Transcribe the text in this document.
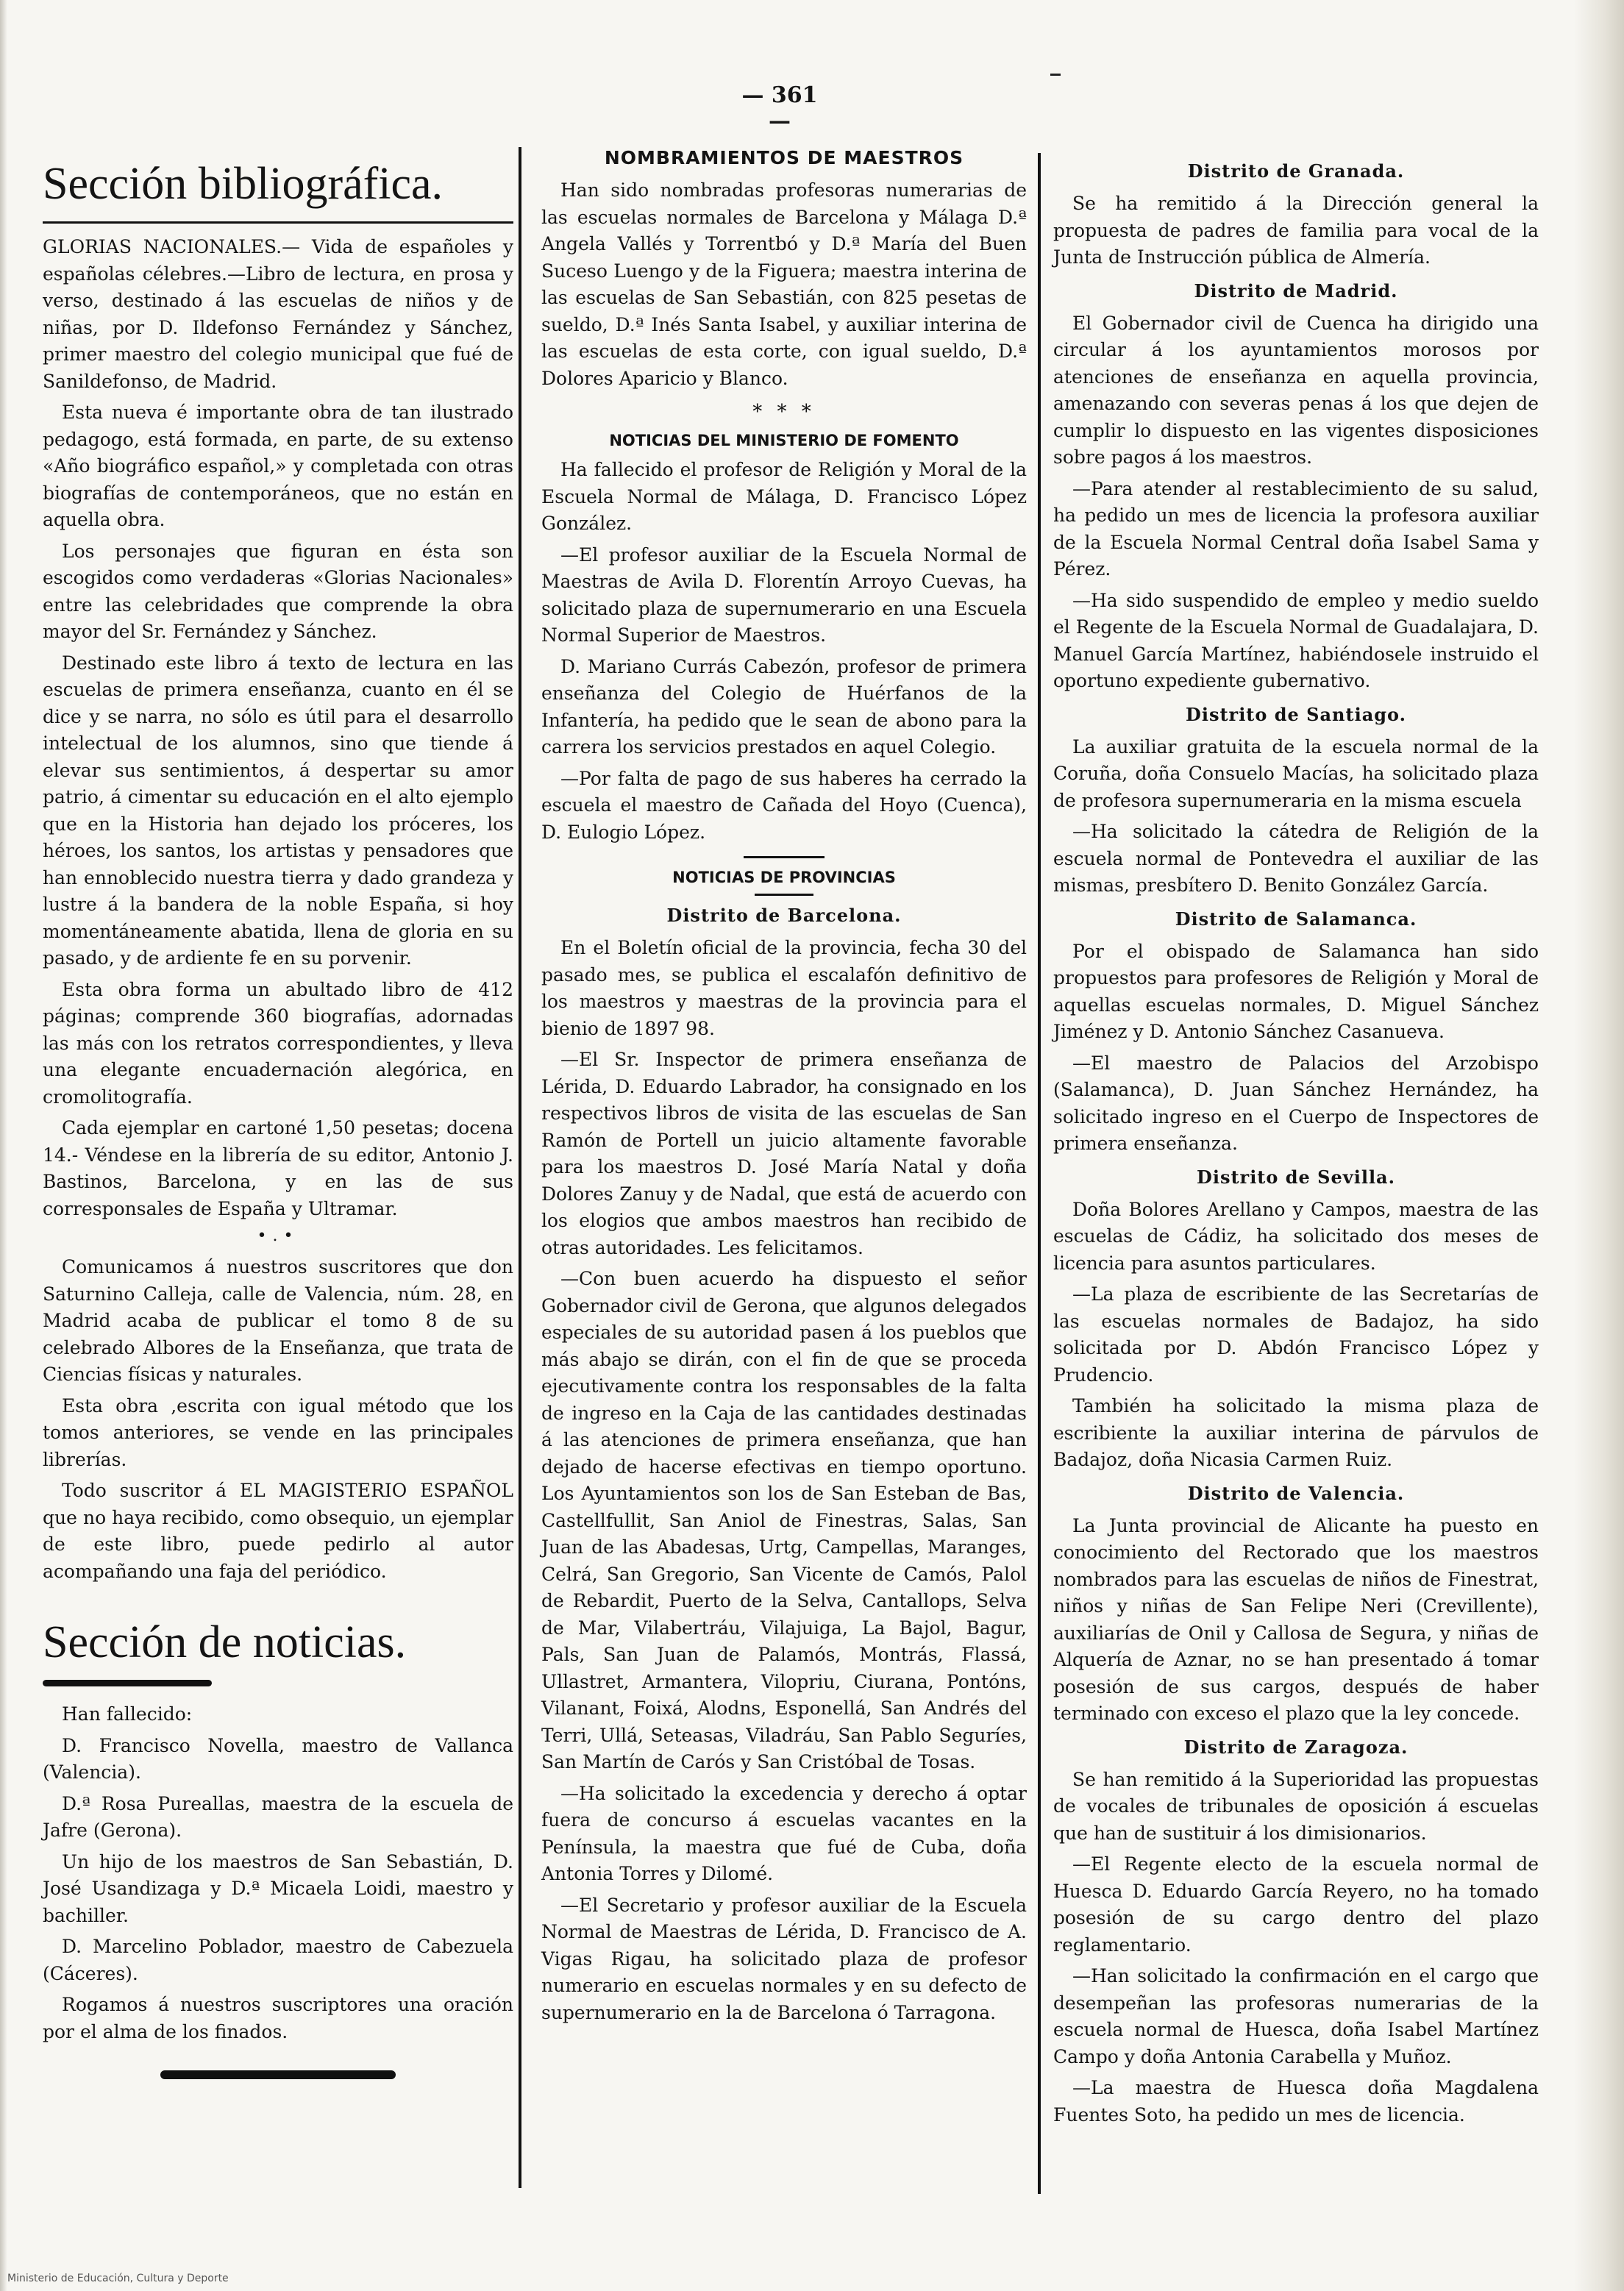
— 361 —
Sección bibliográfica.

GLORIAS NACIONALES.— Vida de españoles y españolas célebres.—Libro de lectura, en prosa y verso, destinado á las escuelas de niños y de niñas, por D. Ildefonso Fernández y Sánchez, primer maestro del colegio municipal que fué de Sanildefonso, de Madrid.

Esta nueva é importante obra de tan ilustrado pedagogo, está formada, en parte, de su extenso «Año biográfico español,» y completada con otras biografías de contemporáneos, que no están en aquella obra.

Los personajes que figuran en ésta son escogidos como verdaderas «Glorias Nacionales» entre las celebridades que comprende la obra mayor del Sr. Fernández y Sánchez.

Destinado este libro á texto de lectura en las escuelas de primera enseñanza, cuanto en él se dice y se narra, no sólo es útil para el desarrollo intelectual de los alumnos, sino que tiende á elevar sus sentimientos, á despertar su amor patrio, á cimentar su educación en el alto ejemplo que en la Historia han dejado los próceres, los héroes, los santos, los artistas y pensadores que han ennoblecido nuestra tierra y dado grandeza y lustre á la bandera de la noble España, si hoy momentáneamente abatida, llena de gloria en su pasado, y de ardiente fe en su porvenir.

Esta obra forma un abultado libro de 412 páginas; comprende 360 biografías, adornadas las más con los retratos correspondientes, y lleva una elegante encuadernación alegórica, en cromolitografía.

Cada ejemplar en cartoné 1,50 pesetas; docena 14.- Véndese en la librería de su editor, Antonio J. Bastinos, Barcelona, y en las de sus corresponsales de España y Ultramar.

•.•

Comunicamos á nuestros suscritores que don Saturnino Calleja, calle de Valencia, núm. 28, en Madrid acaba de publicar el tomo 8 de su celebrado Albores de la Enseñanza, que trata de Ciencias físicas y naturales.

Esta obra ,escrita con igual método que los tomos anteriores, se vende en las principales librerías.

Todo suscritor á EL MAGISTERIO ESPAÑOL que no haya recibido, como obsequio, un ejemplar de este libro, puede pedirlo al autor acompañando una faja del periódico.

Sección de noticias.

Han fallecido:

D. Francisco Novella, maestro de Vallanca (Valencia).

D.ª Rosa Pureallas, maestra de la escuela de Jafre (Gerona).

Un hijo de los maestros de San Sebastián, D. José Usandizaga y D.ª Micaela Loidi, maestro y bachiller.

D. Marcelino Poblador, maestro de Cabezuela (Cáceres).

Rogamos á nuestros suscriptores una oración por el alma de los finados.

NOMBRAMIENTOS DE MAESTROS

Han sido nombradas profesoras numerarias de las escuelas normales de Barcelona y Málaga D.ª Angela Vallés y Torrentbó y D.ª María del Buen Suceso Luengo y de la Figuera; maestra interina de las escuelas de San Sebastián, con 825 pesetas de sueldo, D.ª Inés Santa Isabel, y auxiliar interina de las escuelas de esta corte, con igual sueldo, D.ª Dolores Aparicio y Blanco.

* * *
NOTICIAS DEL MINISTERIO DE FOMENTO

Ha fallecido el profesor de Religión y Moral de la Escuela Normal de Málaga, D. Francisco López González.

—El profesor auxiliar de la Escuela Normal de Maestras de Avila D. Florentín Arroyo Cuevas, ha solicitado plaza de supernumerario en una Escuela Normal Superior de Maestros.

D. Mariano Currás Cabezón, profesor de primera enseñanza del Colegio de Huérfanos de la Infantería, ha pedido que le sean de abono para la carrera los servicios prestados en aquel Colegio.

—Por falta de pago de sus haberes ha cerrado la escuela el maestro de Cañada del Hoyo (Cuenca), D. Eulogio López.

NOTICIAS DE PROVINCIAS
Distrito de Barcelona.

En el Boletín oficial de la provincia, fecha 30 del pasado mes, se publica el escalafón definitivo de los maestros y maestras de la provincia para el bienio de 1897 98.

—El Sr. Inspector de primera enseñanza de Lérida, D. Eduardo Labrador, ha consignado en los respectivos libros de visita de las escuelas de San Ramón de Portell un juicio altamente favorable para los maestros D. José María Natal y doña Dolores Zanuy y de Nadal, que está de acuerdo con los elogios que ambos maestros han recibido de otras autoridades. Les felicitamos.

—Con buen acuerdo ha dispuesto el señor Gobernador civil de Gerona, que algunos delegados especiales de su autoridad pasen á los pueblos que más abajo se dirán, con el fin de que se proceda ejecutivamente contra los responsables de la falta de ingreso en la Caja de las cantidades destinadas á las atenciones de primera enseñanza, que han dejado de hacerse efectivas en tiempo oportuno. Los Ayuntamientos son los de San Esteban de Bas, Castellfullit, San Aniol de Finestras, Salas, San Juan de las Abadesas, Urtg, Campellas, Maranges, Celrá, San Gregorio, San Vicente de Camós, Palol de Rebardit, Puerto de la Selva, Cantallops, Selva de Mar, Vilabertráu, Vilajuiga, La Bajol, Bagur, Pals, San Juan de Palamós, Montrás, Flassá, Ullastret, Armantera, Vilopriu, Ciurana, Pontóns, Vilanant, Foixá, Alodns, Esponellá, San Andrés del Terri, Ullá, Seteasas, Viladráu, San Pablo Seguríes, San Martín de Carós y San Cristóbal de Tosas.

—Ha solicitado la excedencia y derecho á optar fuera de concurso á escuelas vacantes en la Península, la maestra que fué de Cuba, doña Antonia Torres y Dilomé.

—El Secretario y profesor auxiliar de la Escuela Normal de Maestras de Lérida, D. Francisco de A. Vigas Rigau, ha solicitado plaza de profesor numerario en escuelas normales y en su defecto de supernumerario en la de Barcelona ó Tarragona.

Distrito de Granada.

Se ha remitido á la Dirección general la propuesta de padres de familia para vocal de la Junta de Instrucción pública de Almería.

Distrito de Madrid.

El Gobernador civil de Cuenca ha dirigido una circular á los ayuntamientos morosos por atenciones de enseñanza en aquella provincia, amenazando con severas penas á los que dejen de cumplir lo dispuesto en las vigentes disposiciones sobre pagos á los maestros.

—Para atender al restablecimiento de su salud, ha pedido un mes de licencia la profesora auxiliar de la Escuela Normal Central doña Isabel Sama y Pérez.

—Ha sido suspendido de empleo y medio sueldo el Regente de la Escuela Normal de Guadalajara, D. Manuel García Martínez, habiéndosele instruido el oportuno expediente gubernativo.

Distrito de Santiago.

La auxiliar gratuita de la escuela normal de la Coruña, doña Consuelo Macías, ha solicitado plaza de profesora supernumeraria en la misma escuela

—Ha solicitado la cátedra de Religión de la escuela normal de Pontevedra el auxiliar de las mismas, presbítero D. Benito González García.

Distrito de Salamanca.

Por el obispado de Salamanca han sido propuestos para profesores de Religión y Moral de aquellas escuelas normales, D. Miguel Sánchez Jiménez y D. Antonio Sánchez Casanueva.

—El maestro de Palacios del Arzobispo (Salamanca), D. Juan Sánchez Hernández, ha solicitado ingreso en el Cuerpo de Inspectores de primera enseñanza.

Distrito de Sevilla.

Doña Bolores Arellano y Campos, maestra de las escuelas de Cádiz, ha solicitado dos meses de licencia para asuntos particulares.

—La plaza de escribiente de las Secretarías de las escuelas normales de Badajoz, ha sido solicitada por D. Abdón Francisco López y Prudencio.

También ha solicitado la misma plaza de escribiente la auxiliar interina de párvulos de Badajoz, doña Nicasia Carmen Ruiz.

Distrito de Valencia.

La Junta provincial de Alicante ha puesto en conocimiento del Rectorado que los maestros nombrados para las escuelas de niños de Finestrat, niños y niñas de San Felipe Neri (Crevillente), auxiliarías de Onil y Callosa de Segura, y niñas de Alquería de Aznar, no se han presentado á tomar posesión de sus cargos, después de haber terminado con exceso el plazo que la ley concede.

Distrito de Zaragoza.

Se han remitido á la Superioridad las propuestas de vocales de tribunales de oposición á escuelas que han de sustituir á los dimisionarios.

—El Regente electo de la escuela normal de Huesca D. Eduardo García Reyero, no ha tomado posesión de su cargo dentro del plazo reglamentario.

—Han solicitado la confirmación en el cargo que desempeñan las profesoras numerarias de la escuela normal de Huesca, doña Isabel Martínez Campo y doña Antonia Carabella y Muñoz.

—La maestra de Huesca doña Magdalena Fuentes Soto, ha pedido un mes de licencia.

Ministerio de Educación, Cultura y Deporte
